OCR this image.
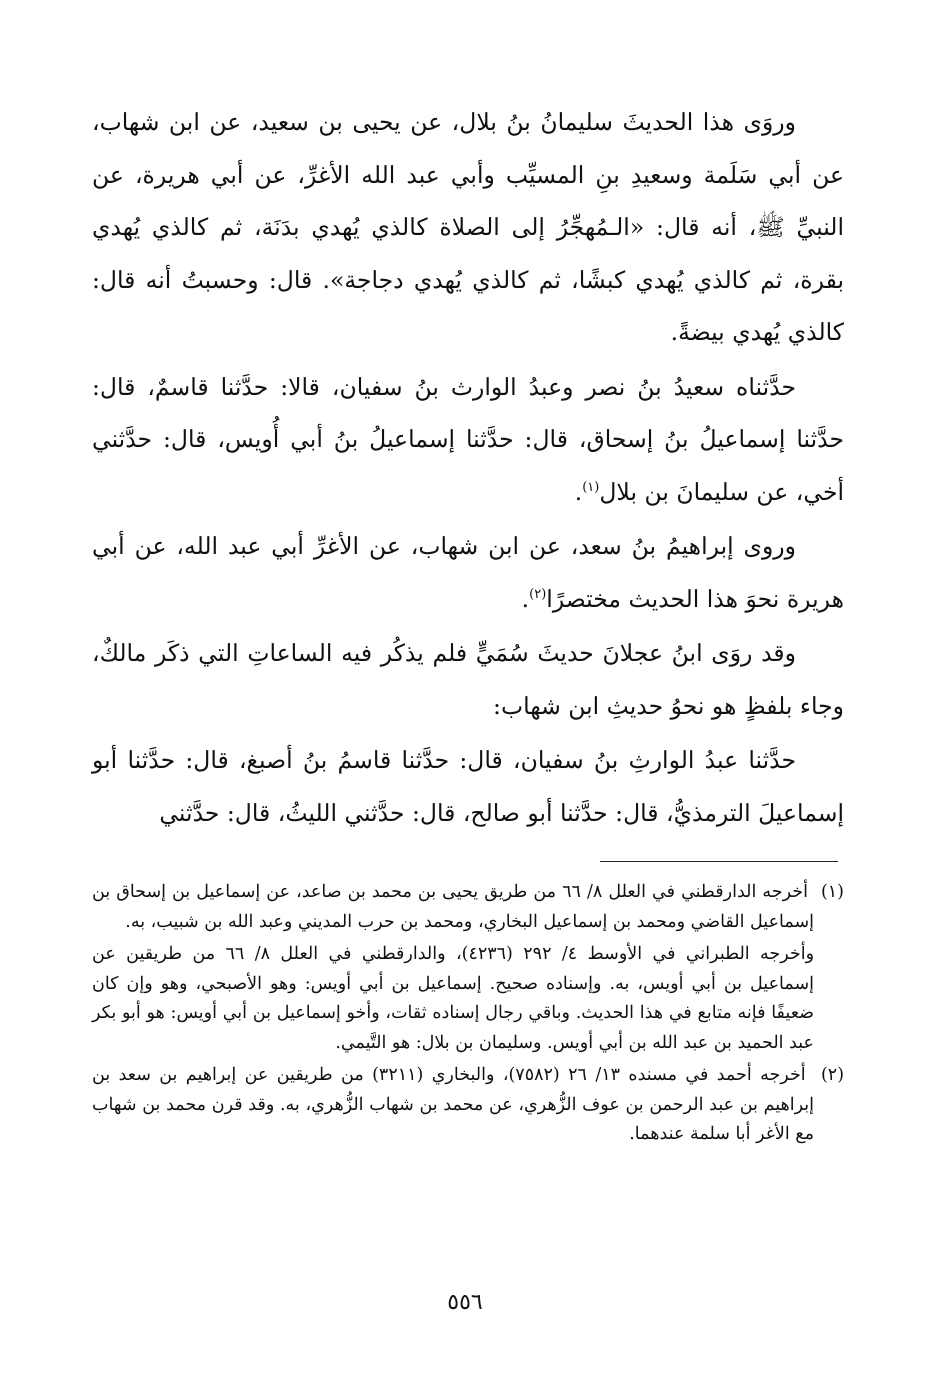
وروَى هذا الحديثَ سليمانُ بنُ بلال، عن يحيى بن سعيد، عن ابن شهاب، عن أبي سَلَمة وسعيدِ بنِ المسيِّب وأبي عبد الله الأغرِّ، عن أبي هريرة، عن النبيِّ ﷺ، أنه قال: «الـمُهجِّرُ إلى الصلاة كالذي يُهدي بدَنَة، ثم كالذي يُهدي بقرة، ثم كالذي يُهدي كبشًا، ثم كالذي يُهدي دجاجة». قال: وحسبتُ أنه قال: كالذي يُهدي بيضةً.

حدَّثناه سعيدُ بنُ نصر وعبدُ الوارث بنُ سفيان، قالا: حدَّثنا قاسمٌ، قال: حدَّثنا إسماعيلُ بنُ إسحاق، قال: حدَّثنا إسماعيلُ بنُ أبي أُويس، قال: حدَّثني أخي، عن سليمانَ بن بلال$^{(١)}$.

وروى إبراهيمُ بنُ سعد، عن ابن شهاب، عن الأغرِّ أبي عبد الله، عن أبي هريرة نحوَ هذا الحديث مختصرًا$^{(٢)}$.

وقد روَى ابنُ عجلانَ حديثَ سُمَيٍّ فلم يذكُر فيه الساعاتِ التي ذكَر مالكٌ، وجاء بلفظٍ هو نحوُ حديثِ ابن شهاب:

حدَّثنا عبدُ الوارثِ بنُ سفيان، قال: حدَّثنا قاسمُ بنُ أصبغ، قال: حدَّثنا أبو إسماعيلَ الترمذيُّ، قال: حدَّثنا أبو صالح، قال: حدَّثني الليثُ، قال: حدَّثني

(١) أخرجه الدارقطني في العلل ٨/ ٦٦ من طريق يحيى بن محمد بن صاعد، عن إسماعيل بن إسحاق بن إسماعيل القاضي ومحمد بن إسماعيل البخاري، ومحمد بن حرب المديني وعبد الله بن شبيب، به.

وأخرجه الطبراني في الأوسط ٤/ ٢٩٢ (٤٢٣٦)، والدارقطني في العلل ٨/ ٦٦ من طريقين عن إسماعيل بن أبي أويس، به. وإسناده صحيح. إسماعيل بن أبي أويس: وهو الأصبحي، وهو وإن كان ضعيفًا فإنه متابع في هذا الحديث. وباقي رجال إسناده ثقات، وأخو إسماعيل بن أبي أويس: هو أبو بكر عبد الحميد بن عبد الله بن أبي أويس. وسليمان بن بلال: هو التَّيمي.

(٢) أخرجه أحمد في مسنده ١٣/ ٢٦ (٧٥٨٢)، والبخاري (٣٢١١) من طريقين عن إبراهيم بن سعد بن إبراهيم بن عبد الرحمن بن عوف الزُّهري، عن محمد بن شهاب الزُّهري، به. وقد قرن محمد بن شهاب مع الأغر أبا سلمة عندهما.

٥٥٦
